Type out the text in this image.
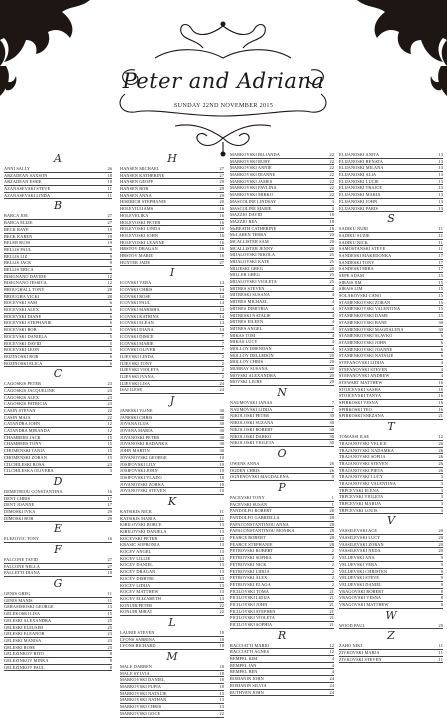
Peter and Adriana
SUNDAY 22ND NOVEMBER 2015
A
ANNI SALLY	26
ARZADEAN SAXSON	18
ARZADEAN ESSIE	18
AZANASEVSKI STEVE	11
AZANASEVSKI LINDA	11
B
BARCA JOE	27
BARCA ELIZE	27
BECK RAYE	19
BECK KAREN	19
BELER RUSS	19
BELLIS PAUL	9
BELLIS LIZ	9
BELLIS JACK	9
BELLIS ERICA	9
BISIGNANO DAVIDE	12
BISIGNANO JESSICA	12
BROUGHALL TONY	28
BROUGHA VICKI	28
BOCEVSKI SAM	6
BOCEVSKI ALEX	6
BOCEVSKI DIANE	6
BOCEVSKI STEPHANIE	6
BOCEVSKI BOB	5
BOCEVSKI DANIELA	5
BOCEVSKI DAVID	5
BOCEVSKI LEON	5
BOZINOSKI ROB	6
BOZINOSKI ELICA	6
C
CAGOSKIS PETER	23
CAGOSKIS JACQUELINE	23
CAGOSKIS ALEX	23
CAGOSKIS PATRICIA	23
CASIN STEVAN	22
CASIN MAJA	22
CATANDRA JOHN	12
CATANDRA MIRANDA	12
CHAMBERS JACK	15
CHAMBERS TONY	15
CHOMENSKI TANIA	15
CHOMENSKI ZORAN	15
CILCHILESKI ROSA	23
CILCHILESKA OLIVERA	3
D
DEMETRIOU CONSTANTINA	16
DENT CHRIS	17
DENT JOANNE	17
DIMOSKI IVKA	29
DIMOSKI BOB	29
E
ELEZOVIC TONY	16
F
FALCONE TAVID	27
FALCONE NELLA	27
FALLETTI DIANA	18
G
GENIS GREG	11
GENIS MANIS	11
GERASIMOSKI GEORGE	13
GELEKOSKI LISA	15
GELESKI ALEXANDRA	25
GELESKI ELEUSIM	25
GELESKI ELEANOR	23
GELESKI MANISA	23
GELESKI ROSE	23
GELEZINKOV RITO	8
GELEZINKOV MINKA	8
GELEZINKOV PAUL	8
H
HANSEN MICHAEL	27
HANSEN KATHERINE	27
HANSEN GEOFF	29
HANSEN ROB	29
HANSEN ANNA	29
HISERICH STEPHANIE	20
HOLEVILLIAMS	16
HOLEVELIKA	16
HOLEVOSKI PETER	16
HOLEVOSKI LINDA	16
HOLEVOSKI JOHN	16
HOLEVOSKI LEANNE	16
HRSTOV DRAGAN	16
HRSTOV MARIE	16
HUNTER JADE	27
I
ICOVSKI VERA	14
ICOVSKI CHRIS	14
ICOVSKI ROSE	14
ICOVSKI PAUL	14
ICOVSKI MARISHA	14
ICOVSKI KATRINA	14
ICOVSKI ELEAN	14
ICOVSKI DIANA	14
ICOVSKI DIMCE	7
ICOVSKI MARIE	7
ICOVSKI OLIVER	7
ILIEVSKI LINDA	2
ILIEVSKI TONY	2
ILIEVSKI VIOLETA	2
ILIEVSKI IVANA	2
ILIEVSKI LISA	24
ISAI ILESE	24
J
JANESKI VLINE	30
JANESKI CHRIS	30
JOVANA ILIJA	30
JOVANA MARIA	30
JOVANOSKI PETER	30
JOVANOSKI RADANKA	30
JOHN MARTIN	30
JOVANOVSKI GEORGE	10
JOSIFOVSKI LILY	10
JOSIFOVSKI JOHN	10
JOSIFOVSKI VLADO	10
JOVANOVSKI ZORKA	10
JOVANOVSKI STEVEN	10
K
KATSIKIS NICK	11
KATSIKIS MARIA	11
KIRILOVSKI BORCE	13
KIRILOVSKI DANIELA	13
KOCEVSKI PETER	13
KRASIC SOFRONIA	13
KOCEV ANGEL	13
KOCEV LILLIE	13
KOCEV DANIEL	13
KOCEV DRAGAN	13
KOCEV DIMITRI	13
KOCEV LIDIJA	13
KOCEV MATTHEW	13
KOCEV ELIZABETH	13
KONUIR PETER	22
KONUIR MIRAT	22
L
LAURIE STEVEN	18
LYONS SABRINA	18
LYONS RICHARD	18
M
MALE DARREN	18
MALE SYLVIA	18
MARKOVSKI DANIEL	18
MARKOVSKI PUPIA	18
MARKOVSKI NATALIE	13
MARKOVSKI NATHAN	13
MARKOVSKI CHRIS	13
MARKOVSKI GOCE	22
MARKOVSKI BILJANDA	22
MARKOVSKI RUBY	22
MARKOVSKI ANNIE	22
MARKOVSKI DIANNE	22
MARKOVSKI JAMES	22
MARKOVSKI PAVLINA	22
MARKOVSKI MIRKO	22
MASCOLINE LINDSAY	3
MASCOLINE MARIE	3
MAZZIO DAVID	18
MAZZIO REA	18
McBEATH CATHERINE	18
McLAREN TERRA	20
MCALLISTER SAM	20
MCALLISTER JENNY	20
MIJALOVSKI NIKOLA	25
MIJALOVSKI KATE	25
MILIESKI GREG	25
MILLER GREG	25
MIJALOVSKI VIOLETA	25
MITRES STEVEN	4
MITRESKI SUSANA	4
MITRES MICHAEL	4
MITRES DIMITRIA	4
MITRESKI NATALIE	4
MITRES EILEEN	4
MITRES ANGEL	4
MIKAS TOM	4
MIKAS LUCY	4
MOLLOY DRENDAN	4
MOLLOY DELLEDON	20
MOLLOY CHRIS	20
MURRAY SUSANA	20
MOVSKI ALEXANDRA	20
MOVSKI LJUBE	20
N
NAUMOVSKI JANAS	7
NAUMOVSKI LIDIJA	7
NIKOLOSKI PETER	30
NIKOLOSKI SUZANA	30
NIKOLOSKI ROBERT	30
NIKOLOSKI DARKO	30
NIKOLOSKI VIOLETA	30
O
OWENS ANNA	26
OGDEN CHRIS	26
OGNENOVSKI MAGDALENA	9
P
PACEVSKI TONY	1
PACEVSKI SUSAN	1
PANDOLFO ROBERT	28
PANDOLFO GABRIELLA	28
PAPACONSTANTINOU ANNA	28
PAPACONSTANTINOU MONIKA	28
PEARCE ROBERT	28
PEARCE STEPHANIE	28
PETROVSKI ROBERT	2
PETROVSKI SOPHIA	2
PETROVSKI NICK	2
PETROVSKI LIDIJA	2
PETROVSKI ALEX	2
PETROVSKI ELAGA	2
PICILOVSKI TOMA	21
PICILOVSKI LIDIJA	21
PICILOVSKI JOHN	21
PICILOVSKI STEPHEN	21
PICILOVSKI VIOLETA	21
PICILOVSKI SOPHIA	21
R
RACCIATTI MARIO	12
RACCIATTI AGNES	12
REMPEL KIM	4
REMPEL IAN	4
REMPEL BEN	4
ROMANIN JOHN	24
ROMANIN SILVIA	24
RUTHVEN JOHN	24
ELIJANOSKI ANITA	13
ELIJANOSKI RENATA	13
ELIJANOSKI MILANA	13
ELIJANOSKI ALIA	13
ELIJANOSKI LUCIE	13
ELIJANOSKI TRAJCE	13
ELIJANOSKI MARIA	13
ELIJANOSKI JOHN	13
ELIJANOSKI PARIS	13
S
SADIKU NURI	11
SADIKU SUZIE	11
SADIKU NICK	11
SAMOSTANSKI STEVE	11
SANDESKI MAKEDONKA	17
SANDESKI TONY	17
SANDESKI MIRA	17
SEPE ADAM	15
SIRAIS JIM	15
SIRAIS LIM	15
SOLAKOVSKI CANO	15
STAMENKOVSKI ZORAN	15
STAMENKOVSKI VALENTINA	15
STAMENKOVSKI DAME	15
STAMENKOVSKI BANE	30
STAMENKOVSKI MAGDALENA	30
STAMENKOVSKI SLAVKO	6
STAMENKOVSKI JOHN	6
STAMENKOVSKI JOANNE	6
STAMENKOVSKI NATALIE	6
STEFANOVSKI LIDIJA	4
STEFANOVSKI STEVEN	4
STEFANOVSKI ANDREW	4
STEWART MATTHEW	16
STOJCEVSKI SASHA	16
STOJCEVSKI TANYA	16
SPIRKOSKI VESNA	16
SPIRKOSKI TEO	16
SPIRKOSKI SNEZANA	21
T
TOMASSI ILSE	12
TRAJANOVSKI VELICE	26
TRAJANOVSKI NADAMKA	26
TRAJANOVSKI SOFIJA	26
TRAJANOVSKI STEVEN	26
TRAJANOVSKI PIETA	26
TRAJANOVSKI LUCY	3
TRAJANOVSKI VALENTINA	3
TRPCEVSKI ELENA	3
TRPCEVSKI VIOLETA	3
TRPCEVSKI MARIJA	3
TRPCEVSKI LOUIS	3
V
VASSILEVSKI ACE	20
VASSILEVSKI LUCY	20
VASSILEVSKI ZORAN	20
VASSILEVSKI NEDA	20
VELIJEVSKI ANA	9
VELIJEVSKI VERA	9
VELIJEVSKI CHRISTEN	9
VELIJEVSKI STEVE	9
VELIJEVSKI DANIEL	9
VRAGOVSKI ROBERT	8
VRAGOVSKI VESNA	8
VRAGOVSKI MATTHEW	8
W
WOOD PAUL	29
Z
ZAHO NIKI	11
ZIVKOVSKI MARJA	11
ZIVKOVSKI STEVEN	11
